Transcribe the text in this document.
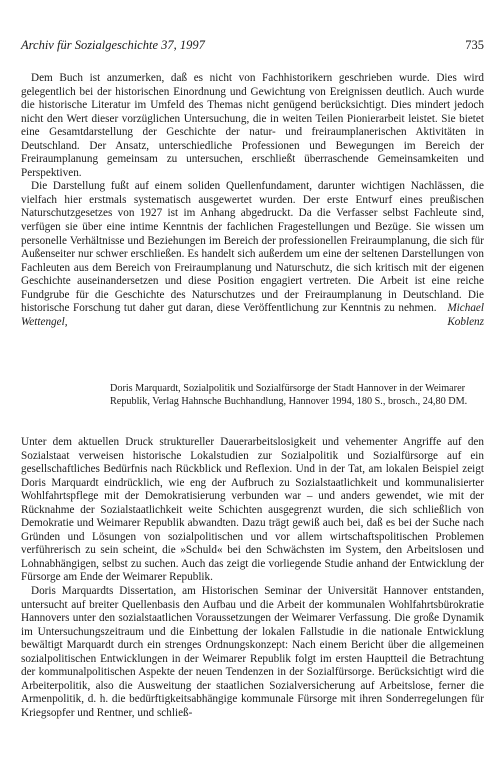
Archiv für Sozialgeschichte 37, 1997	735

Dem Buch ist anzumerken, daß es nicht von Fachhistorikern geschrieben wurde. Dies wird gelegentlich bei der historischen Einordnung und Gewichtung von Ereignissen deutlich. Auch wurde die historische Literatur im Umfeld des Themas nicht genügend berücksichtigt. Dies mindert jedoch nicht den Wert dieser vorzüglichen Untersuchung, die in weiten Teilen Pionierarbeit leistet. Sie bietet eine Gesamtdarstellung der Geschichte der natur- und freiraumplanerischen Aktivitäten in Deutschland. Der Ansatz, unterschiedliche Professionen und Bewegungen im Bereich der Freiraumplanung gemeinsam zu untersuchen, erschließt überraschende Gemeinsamkeiten und Perspektiven.

Die Darstellung fußt auf einem soliden Quellenfundament, darunter wichtigen Nachlässen, die vielfach hier erstmals systematisch ausgewertet wurden. Der erste Entwurf eines preußischen Naturschutzgesetzes von 1927 ist im Anhang abgedruckt. Da die Verfasser selbst Fachleute sind, verfügen sie über eine intime Kenntnis der fachlichen Fragestellungen und Bezüge. Sie wissen um personelle Verhältnisse und Beziehungen im Bereich der professionellen Freiraumplanung, die sich für Außenseiter nur schwer erschließen. Es handelt sich außerdem um eine der seltenen Darstellungen von Fachleuten aus dem Bereich von Freiraumplanung und Naturschutz, die sich kritisch mit der eigenen Geschichte auseinandersetzen und diese Position engagiert vertreten. Die Arbeit ist eine reiche Fundgrube für die Geschichte des Naturschutzes und der Freiraumplanung in Deutschland. Die historische Forschung tut daher gut daran, diese Veröffentlichung zur Kenntnis zu nehmen. Michael Wettengel, Koblenz

Doris Marquardt, Sozialpolitik und Sozialfürsorge der Stadt Hannover in der Weimarer Republik, Verlag Hahnsche Buchhandlung, Hannover 1994, 180 S., brosch., 24,80 DM.

Unter dem aktuellen Druck struktureller Dauerarbeitslosigkeit und vehementer Angriffe auf den Sozialstaat verweisen historische Lokalstudien zur Sozialpolitik und Sozialfürsorge auf ein gesellschaftliches Bedürfnis nach Rückblick und Reflexion. Und in der Tat, am lokalen Beispiel zeigt Doris Marquardt eindrücklich, wie eng der Aufbruch zu Sozialstaatlichkeit und kommunalisierter Wohlfahrtspflege mit der Demokratisierung verbunden war – und anders gewendet, wie mit der Rücknahme der Sozialstaatlichkeit weite Schichten ausgegrenzt wurden, die sich schließlich von Demokratie und Weimarer Republik abwandten. Dazu trägt gewiß auch bei, daß es bei der Suche nach Gründen und Lösungen von sozialpolitischen und vor allem wirtschaftspolitischen Problemen verführerisch zu sein scheint, die »Schuld« bei den Schwächsten im System, den Arbeitslosen und Lohnabhängigen, selbst zu suchen. Auch das zeigt die vorliegende Studie anhand der Entwicklung der Fürsorge am Ende der Weimarer Republik.

Doris Marquardts Dissertation, am Historischen Seminar der Universität Hannover entstanden, untersucht auf breiter Quellenbasis den Aufbau und die Arbeit der kommunalen Wohlfahrtsbürokratie Hannovers unter den sozialstaatlichen Voraussetzungen der Weimarer Verfassung. Die große Dynamik im Untersuchungszeitraum und die Einbettung der lokalen Fallstudie in die nationale Entwicklung bewältigt Marquardt durch ein strenges Ordnungskonzept: Nach einem Bericht über die allgemeinen sozialpolitischen Entwicklungen in der Weimarer Republik folgt im ersten Hauptteil die Betrachtung der kommunalpolitischen Aspekte der neuen Tendenzen in der Sozialfürsorge. Berücksichtigt wird die Arbeiterpolitik, also die Ausweitung der staatlichen Sozialversicherung auf Arbeitslose, ferner die Armenpolitik, d. h. die bedürftigkeitsabhängige kommunale Fürsorge mit ihren Sonderregelungen für Kriegsopfer und Rentner, und schließ-
